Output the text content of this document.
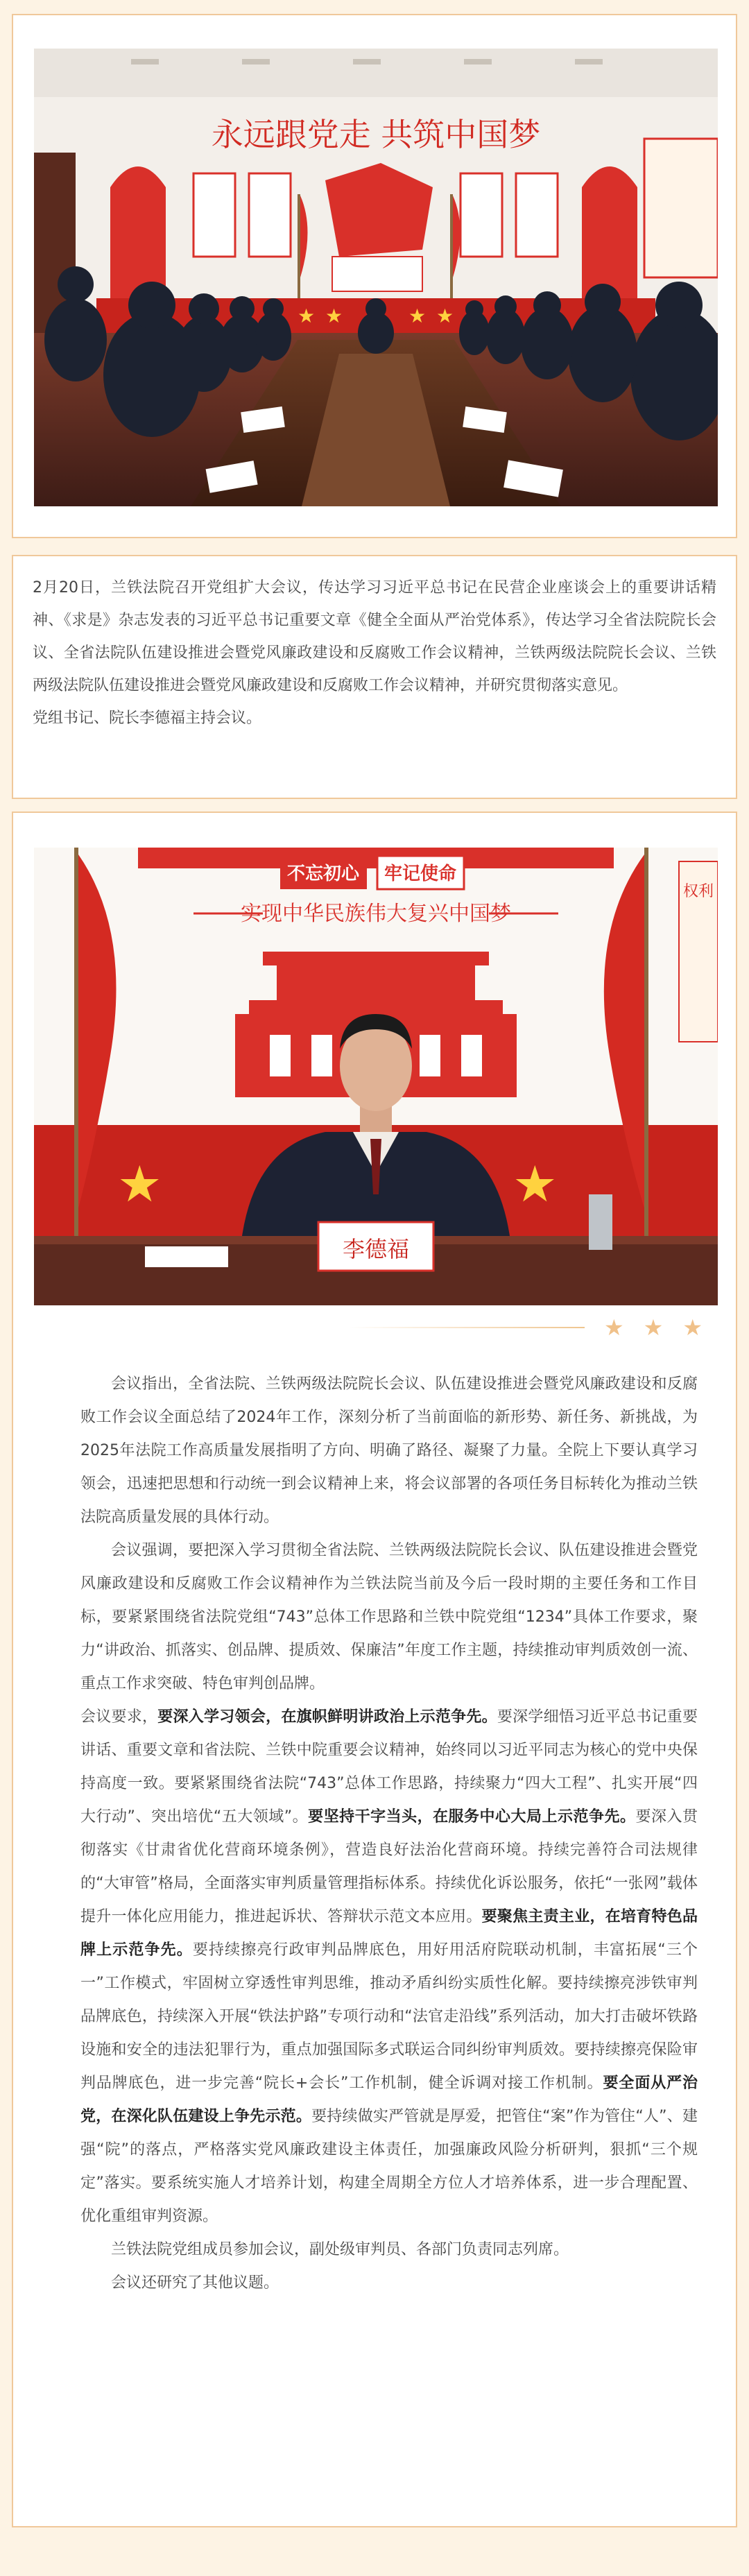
永远跟党走 共筑中国梦
★ ★	★ ★

2月20日，兰铁法院召开党组扩大会议，传达学习习近平总书记在民营企业座谈会上的重要讲话精神、《求是》杂志发表的习近平总书记重要文章《健全全面从严治党体系》，传达学习全省法院院长会议、全省法院队伍建设推进会暨党风廉政建设和反腐败工作会议精神，兰铁两级法院院长会议、兰铁两级法院队伍建设推进会暨党风廉政建设和反腐败工作会议精神，并研究贯彻落实意见。

党组书记、院长李德福主持会议。

不忘初心 牢记使命
实现中华民族伟大复兴中国梦
★	★
权利
李德福
★ ★ ★

会议指出，全省法院、兰铁两级法院院长会议、队伍建设推进会暨党风廉政建设和反腐败工作会议全面总结了2024年工作，深刻分析了当前面临的新形势、新任务、新挑战，为2025年法院工作高质量发展指明了方向、明确了路径、凝聚了力量。全院上下要认真学习领会，迅速把思想和行动统一到会议精神上来，将会议部署的各项任务目标转化为推动兰铁法院高质量发展的具体行动。

会议强调，要把深入学习贯彻全省法院、兰铁两级法院院长会议、队伍建设推进会暨党风廉政建设和反腐败工作会议精神作为兰铁法院当前及今后一段时期的主要任务和工作目标，要紧紧围绕省法院党组“743”总体工作思路和兰铁中院党组“1234”具体工作要求，聚力“讲政治、抓落实、创品牌、提质效、保廉洁”年度工作主题，持续推动审判质效创一流、重点工作求突破、特色审判创品牌。

会议要求，要深入学习领会，在旗帜鲜明讲政治上示范争先。要深学细悟习近平总书记重要讲话、重要文章和省法院、兰铁中院重要会议精神，始终同以习近平同志为核心的党中央保持高度一致。要紧紧围绕省法院“743”总体工作思路，持续聚力“四大工程”、扎实开展“四大行动”、突出培优“五大领域”。要坚持干字当头，在服务中心大局上示范争先。要深入贯彻落实《甘肃省优化营商环境条例》，营造良好法治化营商环境。持续完善符合司法规律的“大审管”格局，全面落实审判质量管理指标体系。持续优化诉讼服务，依托“一张网”载体提升一体化应用能力，推进起诉状、答辩状示范文本应用。要聚焦主责主业，在培育特色品牌上示范争先。要持续擦亮行政审判品牌底色，用好用活府院联动机制，丰富拓展“三个一”工作模式，牢固树立穿透性审判思维，推动矛盾纠纷实质性化解。要持续擦亮涉铁审判品牌底色，持续深入开展“铁法护路”专项行动和“法官走沿线”系列活动，加大打击破坏铁路设施和安全的违法犯罪行为，重点加强国际多式联运合同纠纷审判质效。要持续擦亮保险审判品牌底色，进一步完善“院长+会长”工作机制，健全诉调对接工作机制。要全面从严治党，在深化队伍建设上争先示范。要持续做实严管就是厚爱，把管住“案”作为管住“人”、建强“院”的落点，严格落实党风廉政建设主体责任，加强廉政风险分析研判，狠抓“三个规定”落实。要系统实施人才培养计划，构建全周期全方位人才培养体系，进一步合理配置、优化重组审判资源。

兰铁法院党组成员参加会议，副处级审判员、各部门负责同志列席。

会议还研究了其他议题。
